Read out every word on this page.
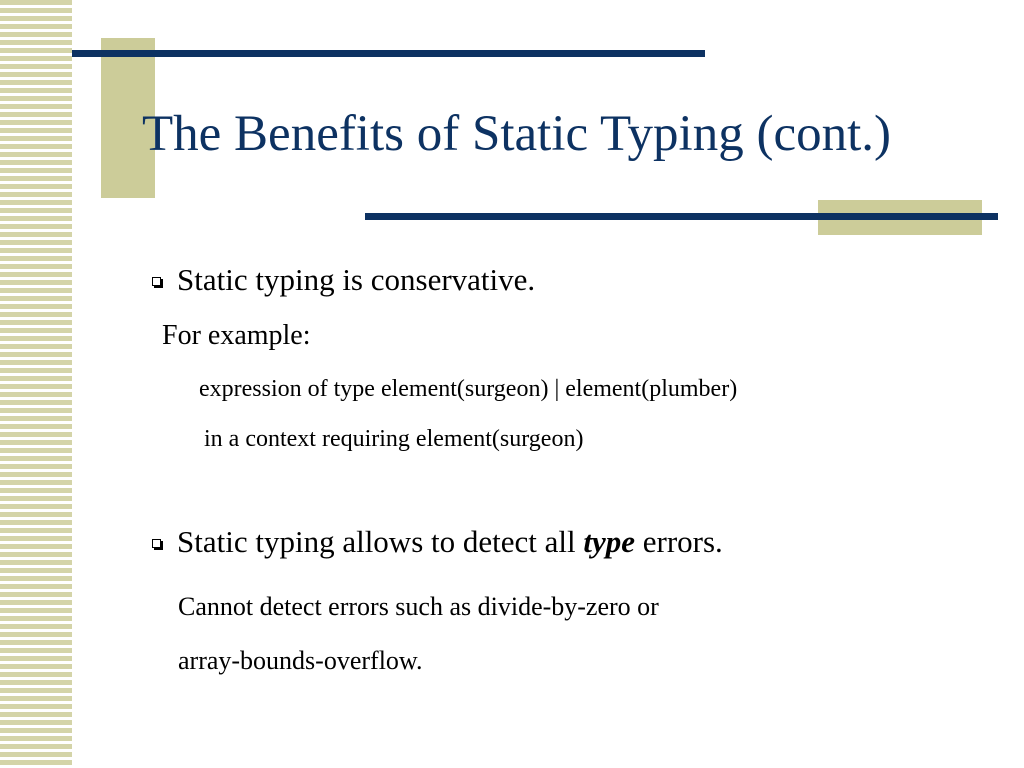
The Benefits of Static Typing (cont.)
Static typing is conservative.
For example:
expression of type element(surgeon) | element(plumber)
in a context requiring element(surgeon)
Static typing allows to detect all type errors.
Cannot detect errors such as divide-by-zero or
array-bounds-overflow.
